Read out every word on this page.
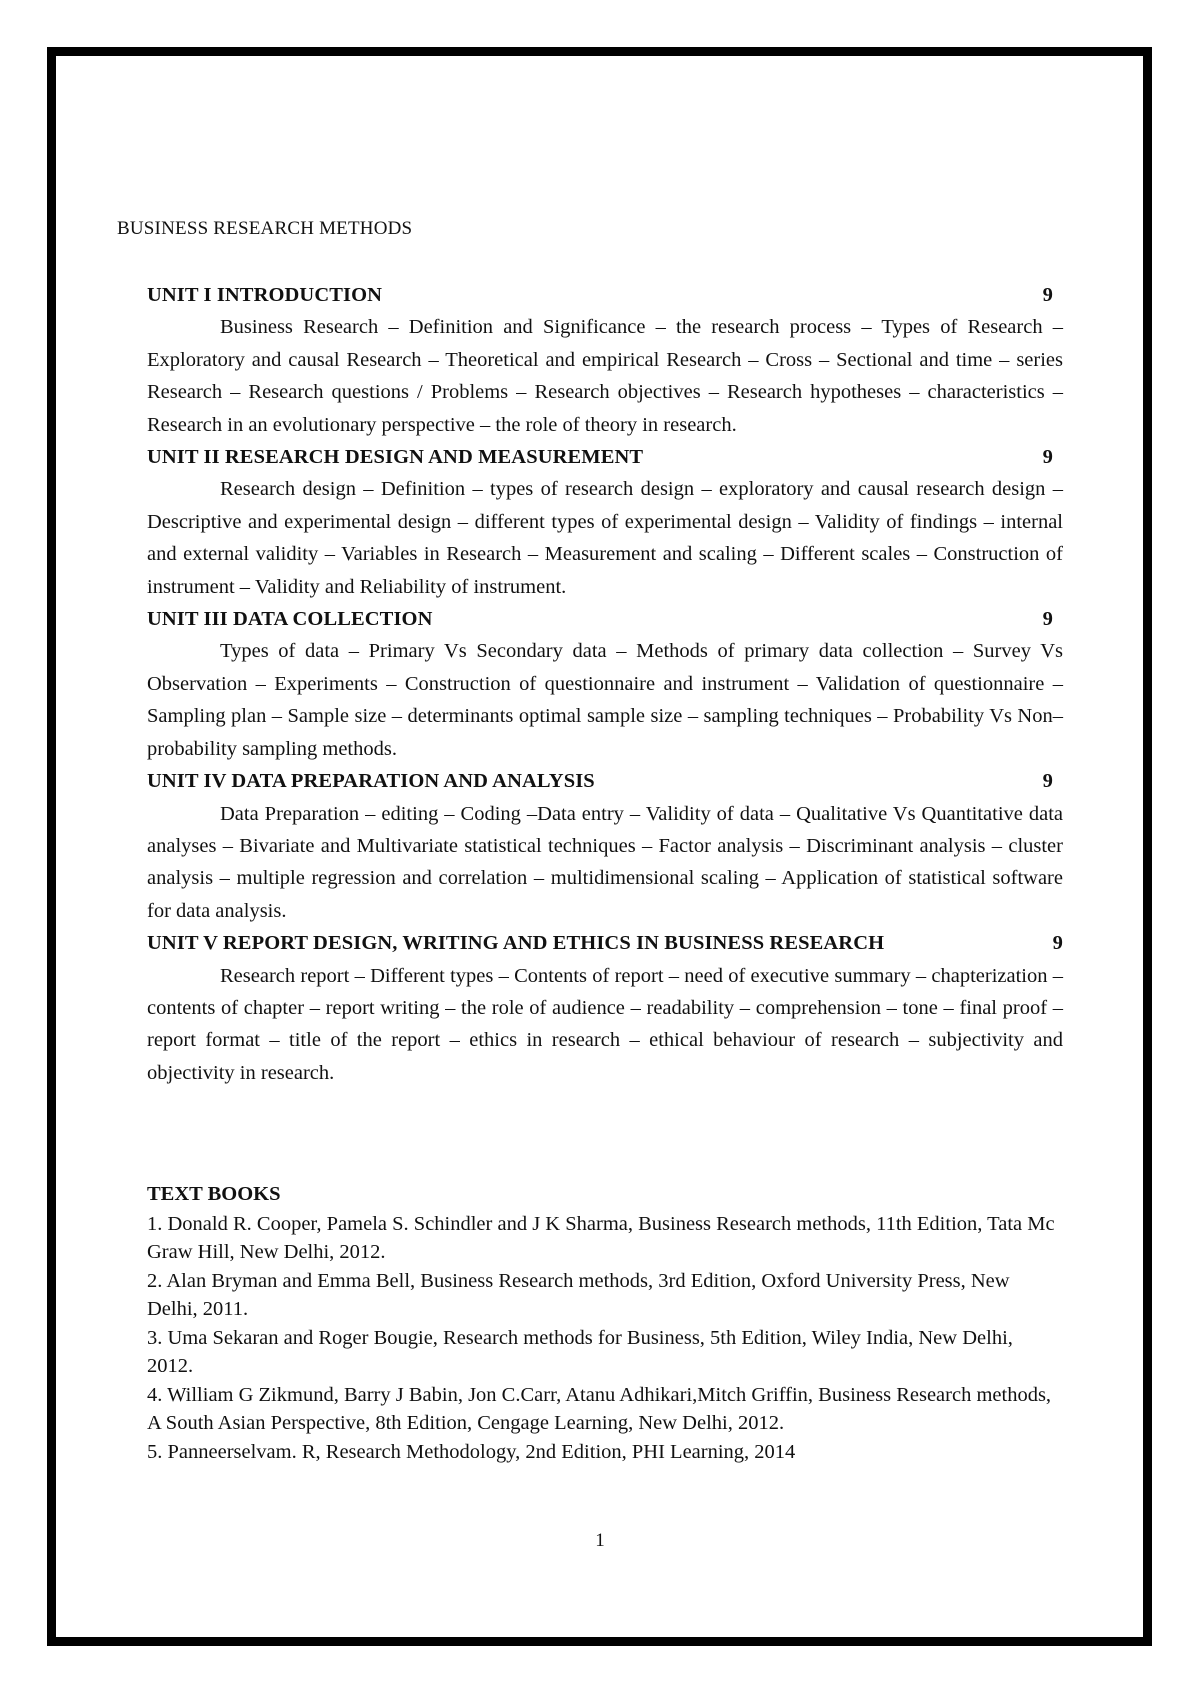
BUSINESS RESEARCH METHODS
UNIT I INTRODUCTION	9

Business Research – Definition and Significance – the research process – Types of Research – Exploratory and causal Research – Theoretical and empirical Research – Cross – Sectional and time – series Research – Research questions / Problems – Research objectives – Research hypotheses – characteristics – Research in an evolutionary perspective – the role of theory in research.

UNIT II RESEARCH DESIGN AND MEASUREMENT	9

Research design – Definition – types of research design – exploratory and causal research design – Descriptive and experimental design – different types of experimental design – Validity of findings – internal and external validity – Variables in Research – Measurement and scaling – Different scales – Construction of instrument – Validity and Reliability of instrument.

UNIT III DATA COLLECTION	9

Types of data – Primary Vs Secondary data – Methods of primary data collection – Survey Vs Observation – Experiments – Construction of questionnaire and instrument – Validation of questionnaire – Sampling plan – Sample size – determinants optimal sample size – sampling techniques – Probability Vs Non–probability sampling methods.

UNIT IV DATA PREPARATION AND ANALYSIS	9

Data Preparation – editing – Coding –Data entry – Validity of data – Qualitative Vs Quantitative data analyses – Bivariate and Multivariate statistical techniques – Factor analysis – Discriminant analysis – cluster analysis – multiple regression and correlation – multidimensional scaling – Application of statistical software for data analysis.

UNIT V REPORT DESIGN, WRITING AND ETHICS IN BUSINESS RESEARCH	9

Research report – Different types – Contents of report – need of executive summary – chapterization – contents of chapter – report writing – the role of audience – readability – comprehension – tone – final proof – report format – title of the report – ethics in research – ethical behaviour of research – subjectivity and objectivity in research.

TEXT BOOKS

1. Donald R. Cooper, Pamela S. Schindler and J K Sharma, Business Research methods, 11th Edition, Tata Mc Graw Hill, New Delhi, 2012.

2. Alan Bryman and Emma Bell, Business Research methods, 3rd Edition, Oxford University Press, New Delhi, 2011.

3. Uma Sekaran and Roger Bougie, Research methods for Business, 5th Edition, Wiley India, New Delhi, 2012.

4. William G Zikmund, Barry J Babin, Jon C.Carr, Atanu Adhikari,Mitch Griffin, Business Research methods, A South Asian Perspective, 8th Edition, Cengage Learning, New Delhi, 2012.

5. Panneerselvam. R, Research Methodology, 2nd Edition, PHI Learning, 2014

1
